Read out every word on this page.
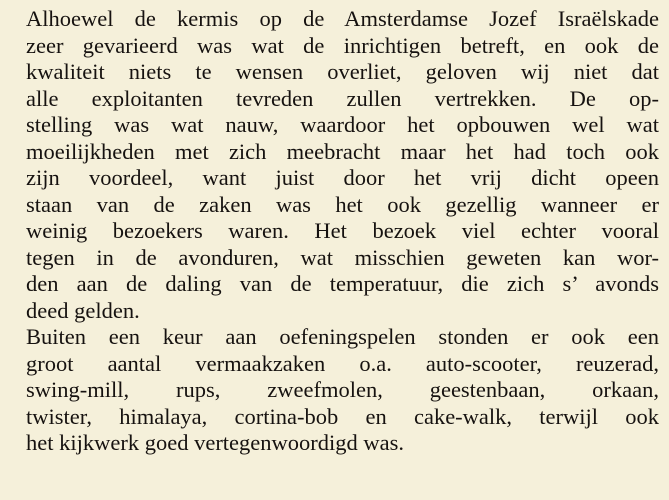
Alhoewel de kermis op de Amsterdamse Jozef Israëlskade
zeer gevarieerd was wat de inrichtigen betreft, en ook de
kwaliteit niets te wensen overliet, geloven wij niet dat
alle exploitanten tevreden zullen vertrekken. De op-
stelling was wat nauw, waardoor het opbouwen wel wat
moeilijkheden met zich meebracht maar het had toch ook
zijn voordeel, want juist door het vrij dicht opeen
staan van de zaken was het ook gezellig wanneer er
weinig bezoekers waren. Het bezoek viel echter vooral
tegen in de avonduren, wat misschien geweten kan wor-
den aan de daling van de temperatuur, die zich s’ avonds
deed gelden.
Buiten een keur aan oefeningspelen stonden er ook een
groot aantal vermaakzaken o.a. auto-scooter, reuzerad,
swing-mill, rups, zweefmolen, geestenbaan, orkaan,
twister, himalaya, cortina-bob en cake-walk, terwijl ook
het kijkwerk goed vertegenwoordigd was.
